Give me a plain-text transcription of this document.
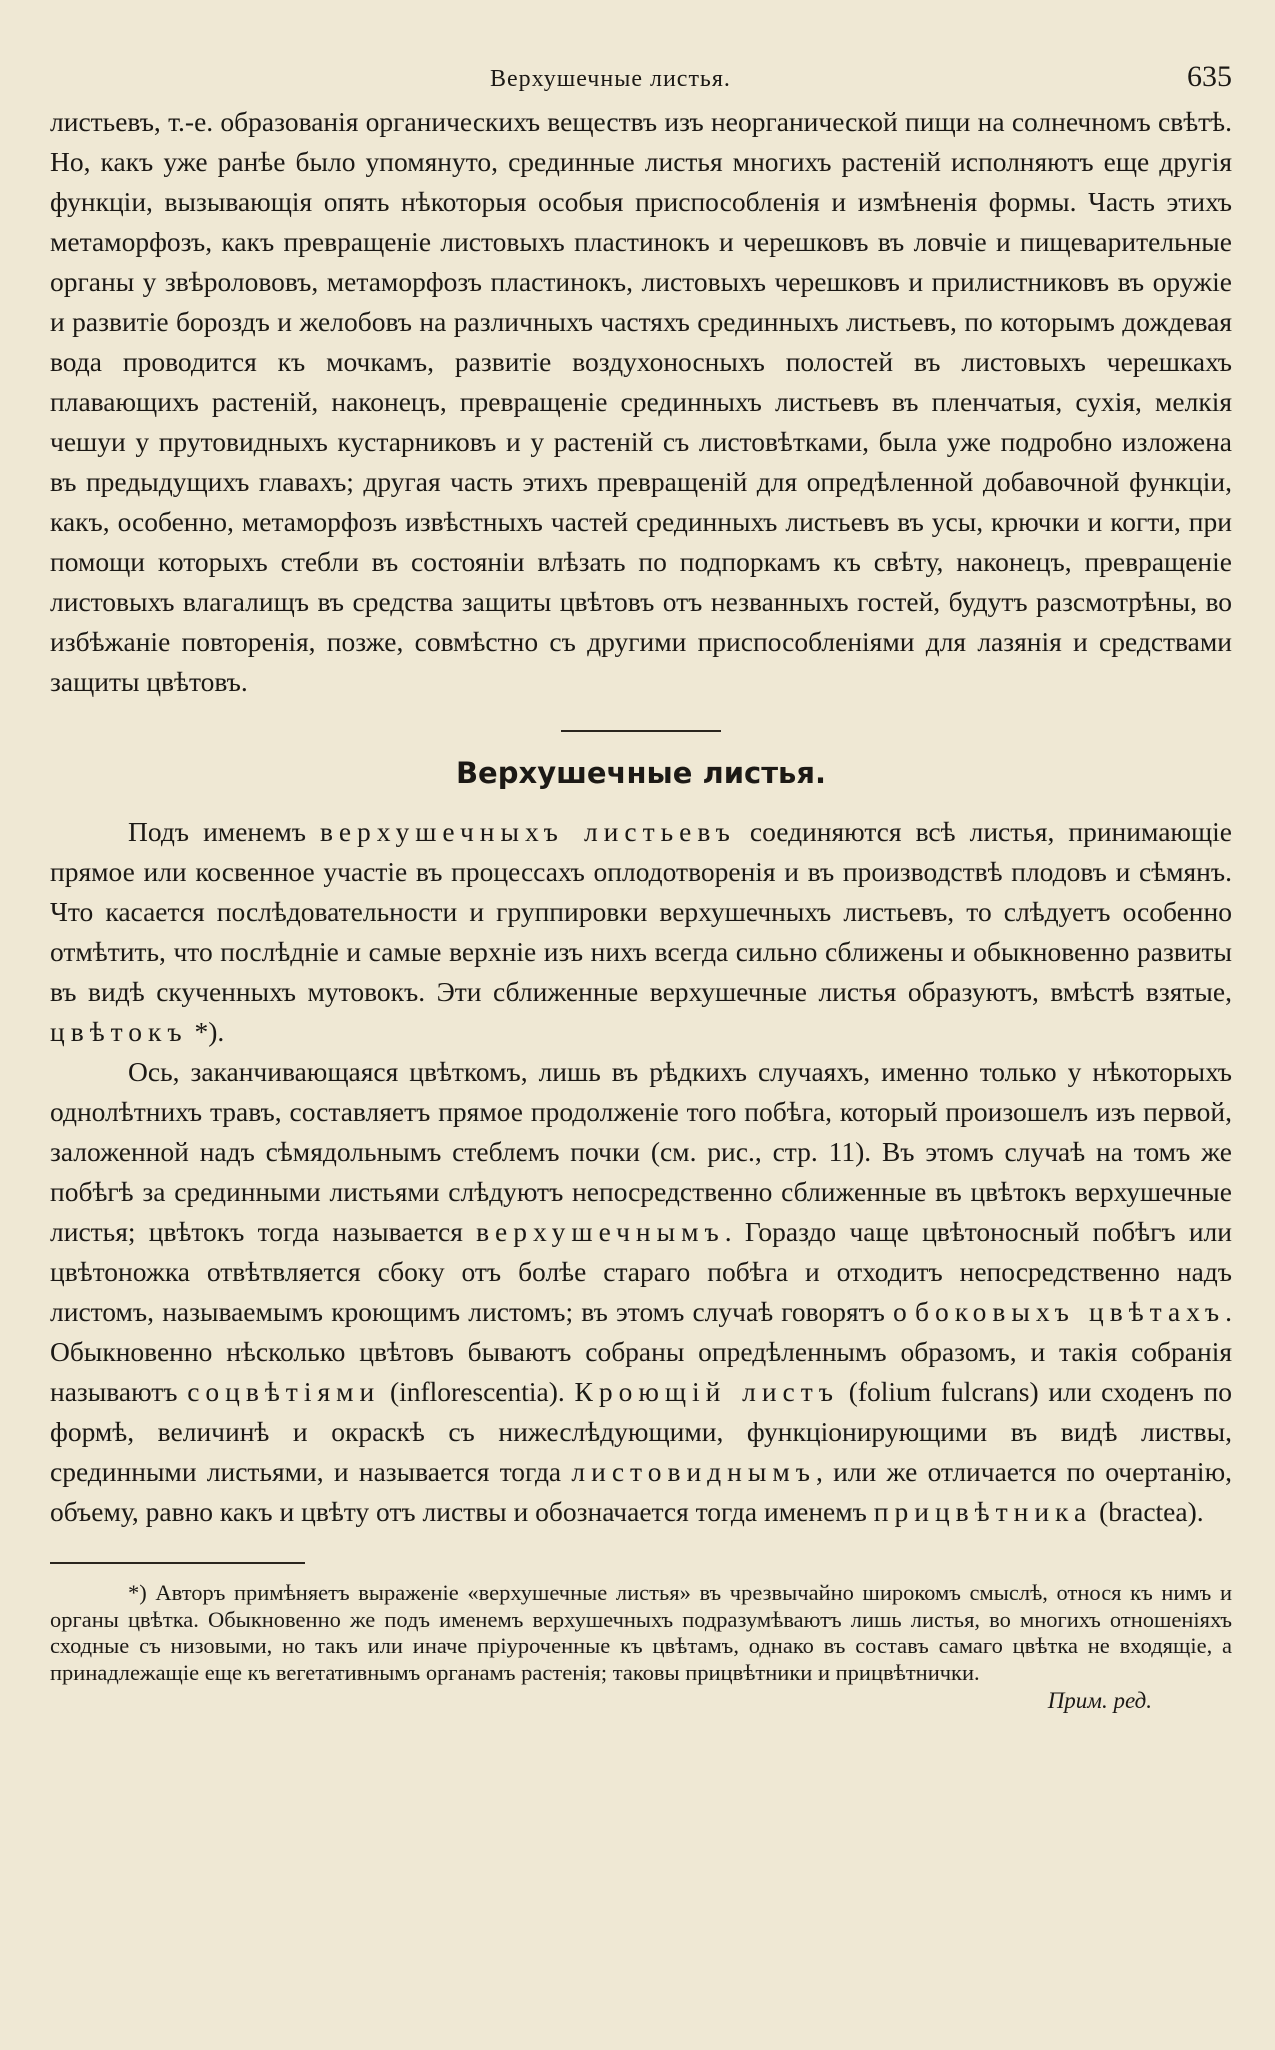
Верхушечные листья.	635

листьевъ, т.-е. образованія органическихъ веществъ изъ неорганической пищи на солнечномъ свѣтѣ. Но, какъ уже ранѣе было упомянуто, срединные листья многихъ растеній исполняютъ еще другія функціи, вызывающія опять нѣкоторыя особыя приспособленія и измѣненія формы. Часть этихъ метаморфозъ, какъ превращеніе листовыхъ пластинокъ и черешковъ въ ловчіе и пищеварительные органы у звѣролововъ, метаморфозъ пластинокъ, листовыхъ черешковъ и прилистниковъ въ оружіе и развитіе бороздъ и желобовъ на различныхъ частяхъ срединныхъ листьевъ, по которымъ дождевая вода проводится къ мочкамъ, развитіе воздухоносныхъ полостей въ листовыхъ черешкахъ плавающихъ растеній, наконецъ, превращеніе срединныхъ листьевъ въ пленчатыя, сухія, мелкія чешуи у прутовидныхъ кустарниковъ и у растеній съ листовѣтками, была уже подробно изложена въ предыдущихъ главахъ; другая часть этихъ превращеній для опредѣленной добавочной функціи, какъ, особенно, метаморфозъ извѣстныхъ частей срединныхъ листьевъ въ усы, крючки и когти, при помощи которыхъ стебли въ состояніи влѣзать по подпоркамъ къ свѣту, наконецъ, превращеніе листовыхъ влагалищъ въ средства защиты цвѣтовъ отъ незванныхъ гостей, будутъ разсмотрѣны, во избѣжаніе повторенія, позже, совмѣстно съ другими приспособленіями для лазянія и средствами защиты цвѣтовъ.

Верхушечные листья.

Подъ именемъ верхушечныхъ листьевъ соединяются всѣ листья, принимающіе прямое или косвенное участіе въ процессахъ оплодотворенія и въ производствѣ плодовъ и сѣмянъ. Что касается послѣдовательности и группировки верхушечныхъ листьевъ, то слѣдуетъ особенно отмѣтить, что послѣдніе и самые верхніе изъ нихъ всегда сильно сближены и обыкновенно развиты въ видѣ скученныхъ мутовокъ. Эти сближенные верхушечные листья образуютъ, вмѣстѣ взятые, цвѣтокъ *).

Ось, заканчивающаяся цвѣткомъ, лишь въ рѣдкихъ случаяхъ, именно только у нѣкоторыхъ однолѣтнихъ травъ, составляетъ прямое продолженіе того побѣга, который произошелъ изъ первой, заложенной надъ сѣмядольнымъ стеблемъ почки (см. рис., стр. 11). Въ этомъ случаѣ на томъ же побѣгѣ за срединными листьями слѣдуютъ непосредственно сближенные въ цвѣтокъ верхушечные листья; цвѣтокъ тогда называется верхушечнымъ. Гораздо чаще цвѣтоносный побѣгъ или цвѣтоножка отвѣтвляется сбоку отъ болѣе стараго побѣга и отходитъ непосредственно надъ листомъ, называемымъ кроющимъ листомъ; въ этомъ случаѣ говорятъ о боковыхъ цвѣтахъ. Обыкновенно нѣсколько цвѣтовъ бываютъ собраны опредѣленнымъ образомъ, и такія собранія называютъ соцвѣтіями (inflorescentia). Кроющій листъ (folium fulcrans) или сходенъ по формѣ, величинѣ и окраскѣ съ нижеслѣдующими, функціонирующими въ видѣ листвы, срединными листьями, и называется тогда листовиднымъ, или же отличается по очертанію, объему, равно какъ и цвѣту отъ листвы и обозначается тогда именемъ прицвѣтника (bractea).

*) Авторъ примѣняетъ выраженіе «верхушечные листья» въ чрезвычайно широкомъ смыслѣ, относя къ нимъ и органы цвѣтка. Обыкновенно же подъ именемъ верхушечныхъ подразумѣваютъ лишь листья, во многихъ отношеніяхъ сходные съ низовыми, но такъ или иначе пріуроченные къ цвѣтамъ, однако въ составъ самаго цвѣтка не входящіе, а принадлежащіе еще къ вегетативнымъ органамъ растенія; таковы прицвѣтники и прицвѣтнички.

Прим. ред.
